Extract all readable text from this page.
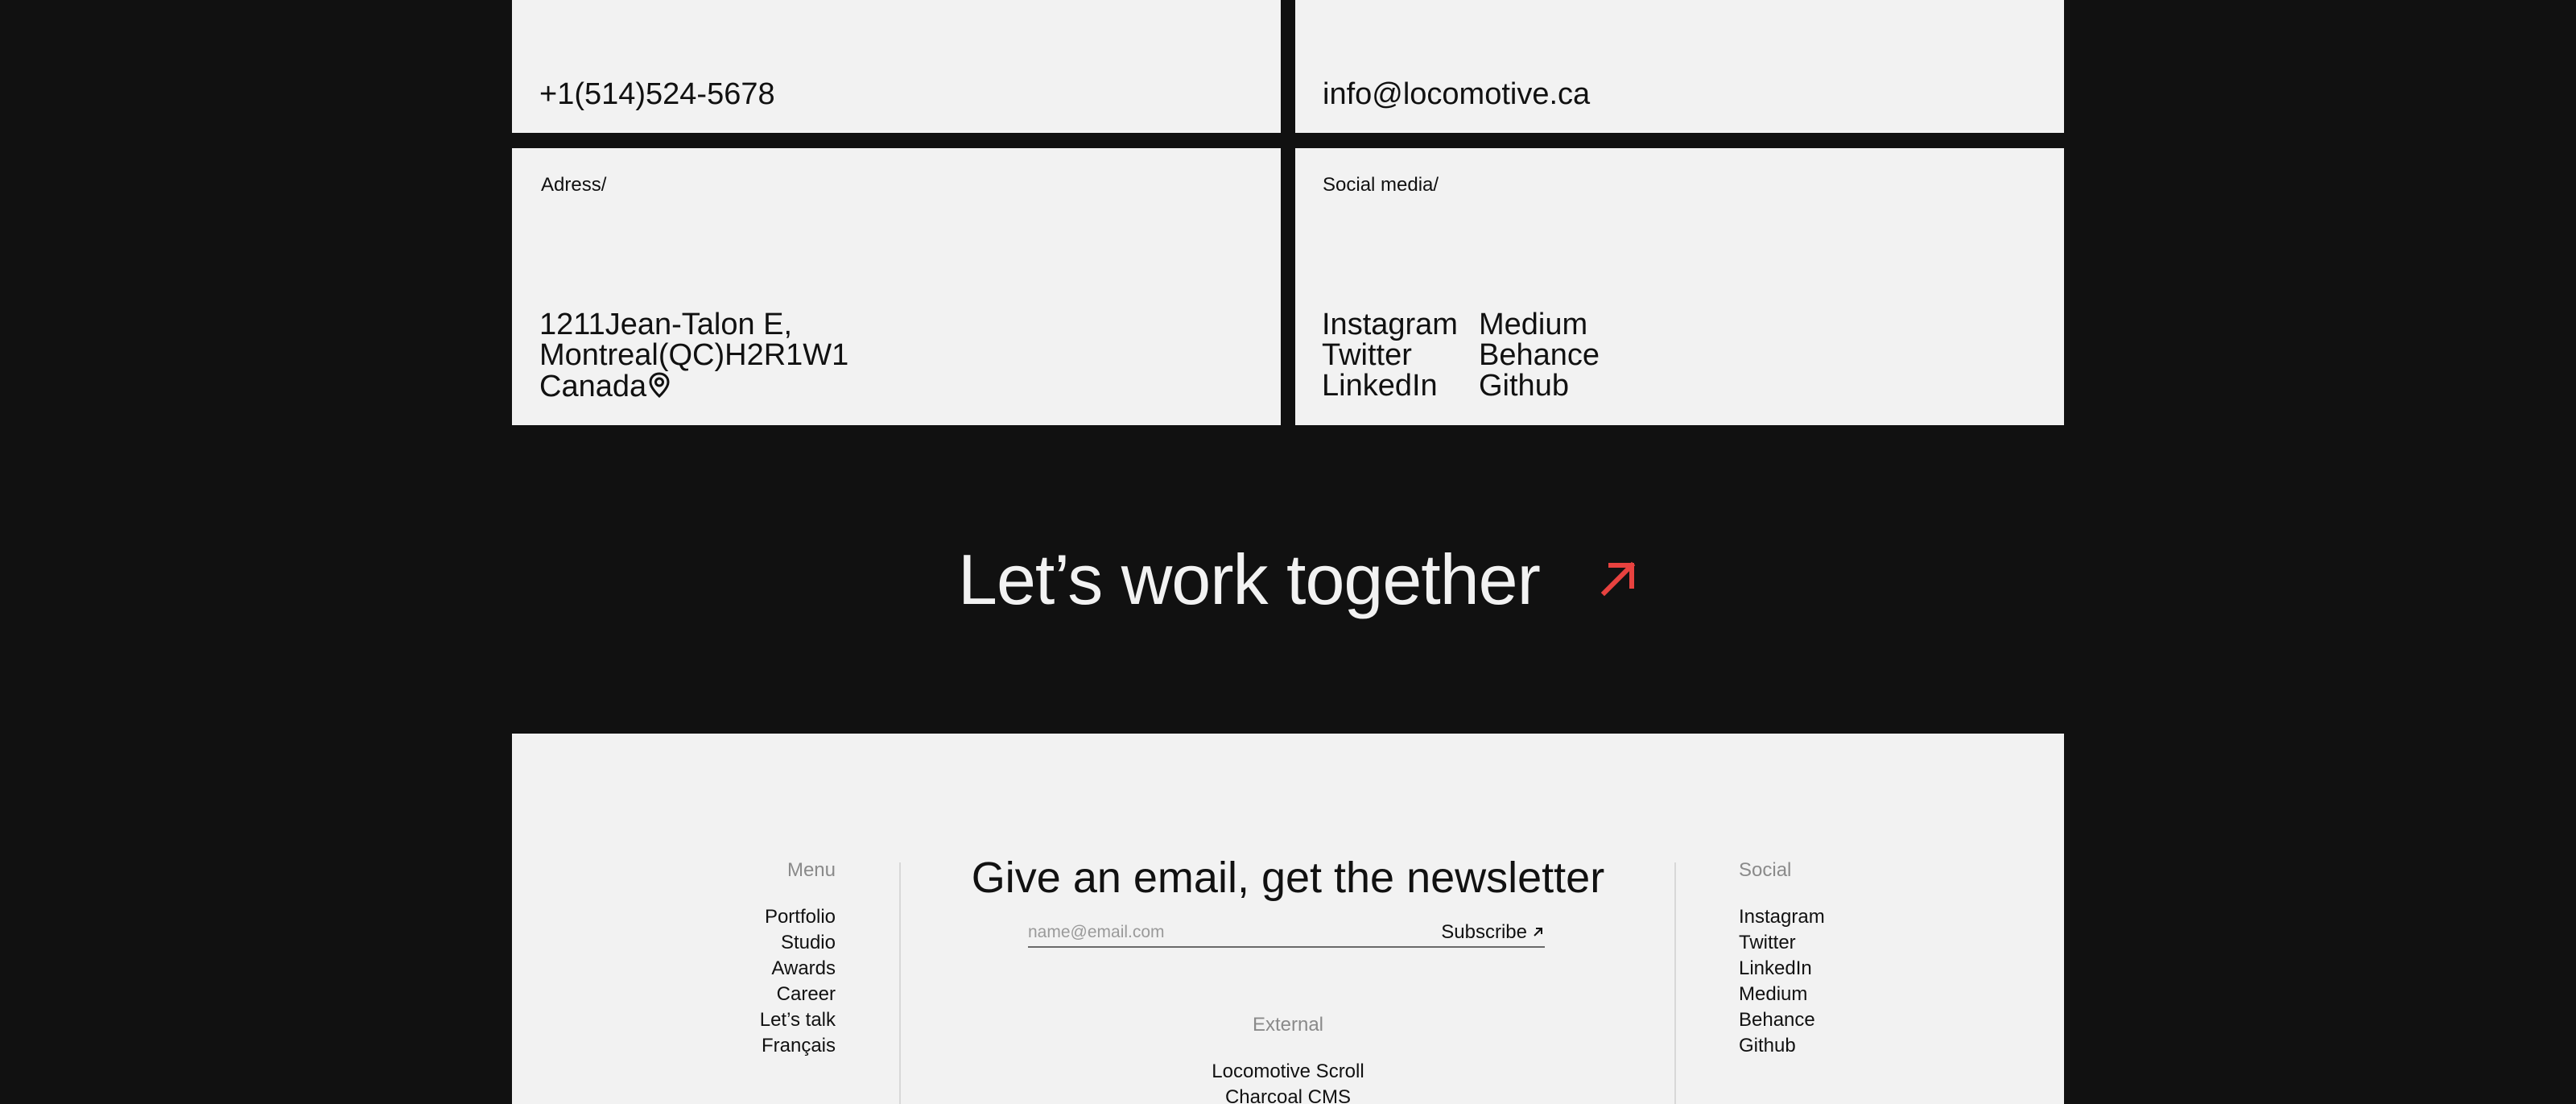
+1(514)524-5678	info@locomotive.ca
Adress/
1211Jean-Talon E,
Montreal(QC)H2R1W1
Canada
Social media/
Instagram
Twitter
LinkedIn
Medium
Behance
Github
Let’s work together
Menu
Portfolio
Studio
Awards
Career
Let’s talk
Français
Give an email, get the newsletter
name@email.com
Subscribe
External
Locomotive Scroll
Charcoal CMS
Social
Instagram
Twitter
LinkedIn
Medium
Behance
Github
